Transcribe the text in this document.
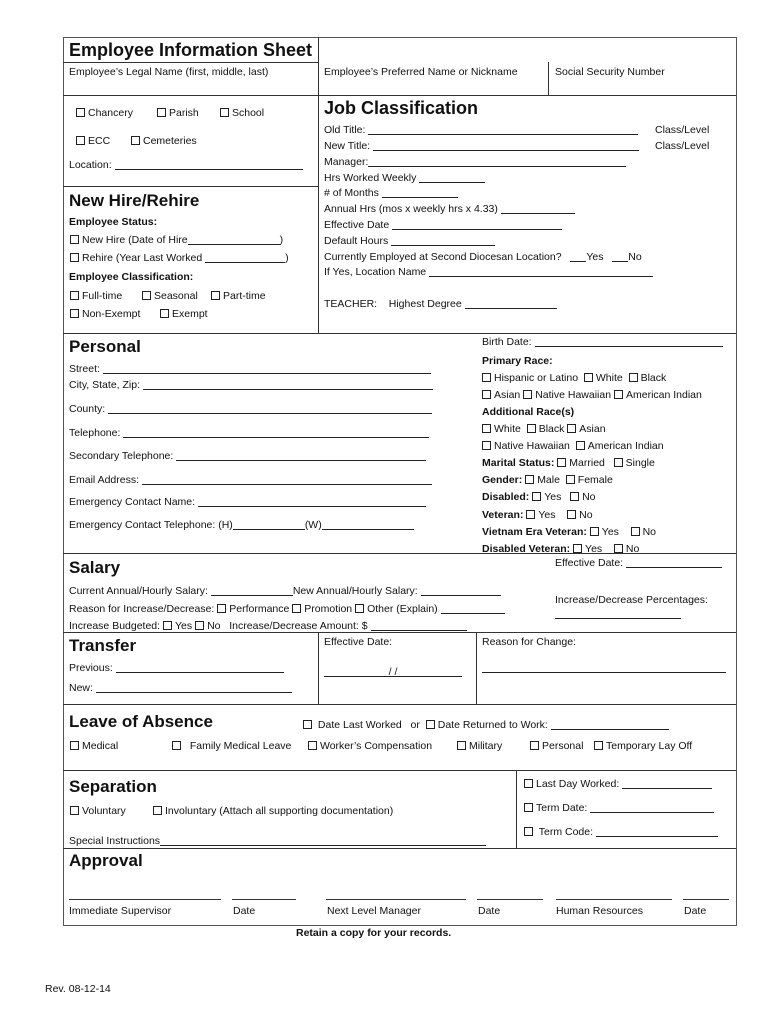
Employee Information Sheet
Employee’s Legal Name (first, middle, last)	Employee’s Preferred Name or Nickname	Social Security Number
Chancery	Parish	School
ECC	Cemeteries
Location:
New Hire/Rehire
Employee Status:
New Hire (Date of Hire	)
Rehire (Year Last Worked	)
Employee Classification:
Full-time	Seasonal	Part-time
Non-Exempt	Exempt
Job Classification
Old Title:	Class/Level
New Title:	Class/Level
Manager:
Hrs Worked Weekly
# of Months
Annual Hrs (mos x weekly hrs x 4.33)
Effective Date
Default Hours
Currently Employed at Second Diocesan Location? Yes No
If Yes, Location Name
TEACHER: Highest Degree
Personal
Street:
City, State, Zip:
County:
Telephone:
Secondary Telephone:
Email Address:
Emergency Contact Name:
Emergency Contact Telephone: (H)	(W)
Birth Date:
Primary Race:
Hispanic or Latino White Black
Asian Native Hawaiian American Indian
Additional Race(s)
White Black Asian
Native Hawaiian American Indian
Marital Status: Married Single
Gender: Male Female
Disabled: Yes No
Veteran: Yes No
Vietnam Era Veteran: Yes No
Disabled Veteran: Yes No
Salary	Effective Date:
Current Annual/Hourly Salary:	New Annual/Hourly Salary:
Increase/Decrease Percentages:
Reason for Increase/Decrease: Performance Promotion Other (Explain)
Increase Budgeted: Yes No Increase/Decrease Amount: $
Transfer
Previous:
New:
Effective Date:
/ /
Reason for Change:
Leave of Absence	Date Last Worked or Date Returned to Work:
Medical	Family Medical Leave	Worker’s Compensation	Military	Personal	Temporary Lay Off
Separation
Voluntary	Involuntary (Attach all supporting documentation)
Special Instructions
Last Day Worked:
Term Date:
Term Code:
Approval
Immediate Supervisor	Date	Next Level Manager	Date	Human Resources	Date
Retain a copy for your records.
Rev. 08-12-14
